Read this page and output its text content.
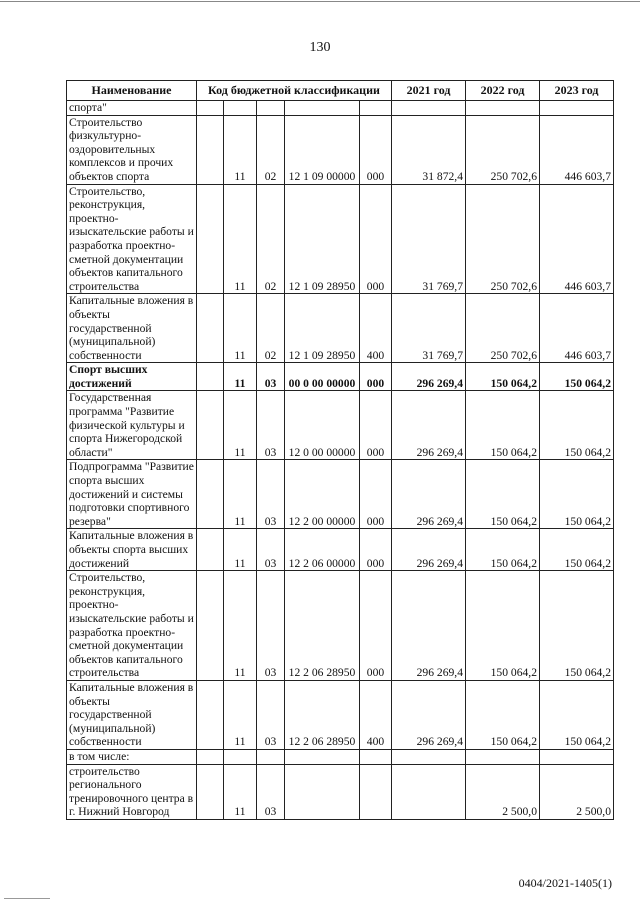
130
Наименование	Код бюджетной классификации					2021 год	2022 год	2023 год
спорта"								
Строительство физкультурно-оздоровительных комплексов и прочих объектов спорта		11	02	12 1 09 00000	000	31 872,4	250 702,6	446 603,7
Строительство, реконструкция, проектно-изыскательские работы и разработка проектно-сметной документации объектов капитального строительства		11	02	12 1 09 28950	000	31 769,7	250 702,6	446 603,7
Капитальные вложения в объекты государственной (муниципальной) собственности		11	02	12 1 09 28950	400	31 769,7	250 702,6	446 603,7
Спорт высших достижений		11	03	00 0 00 00000	000	296 269,4	150 064,2	150 064,2
Государственная программа "Развитие физической культуры и спорта Нижегородской области"		11	03	12 0 00 00000	000	296 269,4	150 064,2	150 064,2
Подпрограмма "Развитие спорта высших достижений и системы подготовки спортивного резерва"		11	03	12 2 00 00000	000	296 269,4	150 064,2	150 064,2
Капитальные вложения в объекты спорта высших достижений		11	03	12 2 06 00000	000	296 269,4	150 064,2	150 064,2
Строительство, реконструкция, проектно-изыскательские работы и разработка проектно-сметной документации объектов капитального строительства		11	03	12 2 06 28950	000	296 269,4	150 064,2	150 064,2
Капитальные вложения в объекты государственной (муниципальной) собственности		11	03	12 2 06 28950	400	296 269,4	150 064,2	150 064,2
в том числе:								
строительство регионального тренировочного центра в г. Нижний Новгород		11	03				2 500,0	2 500,0
0404/2021-1405(1)
